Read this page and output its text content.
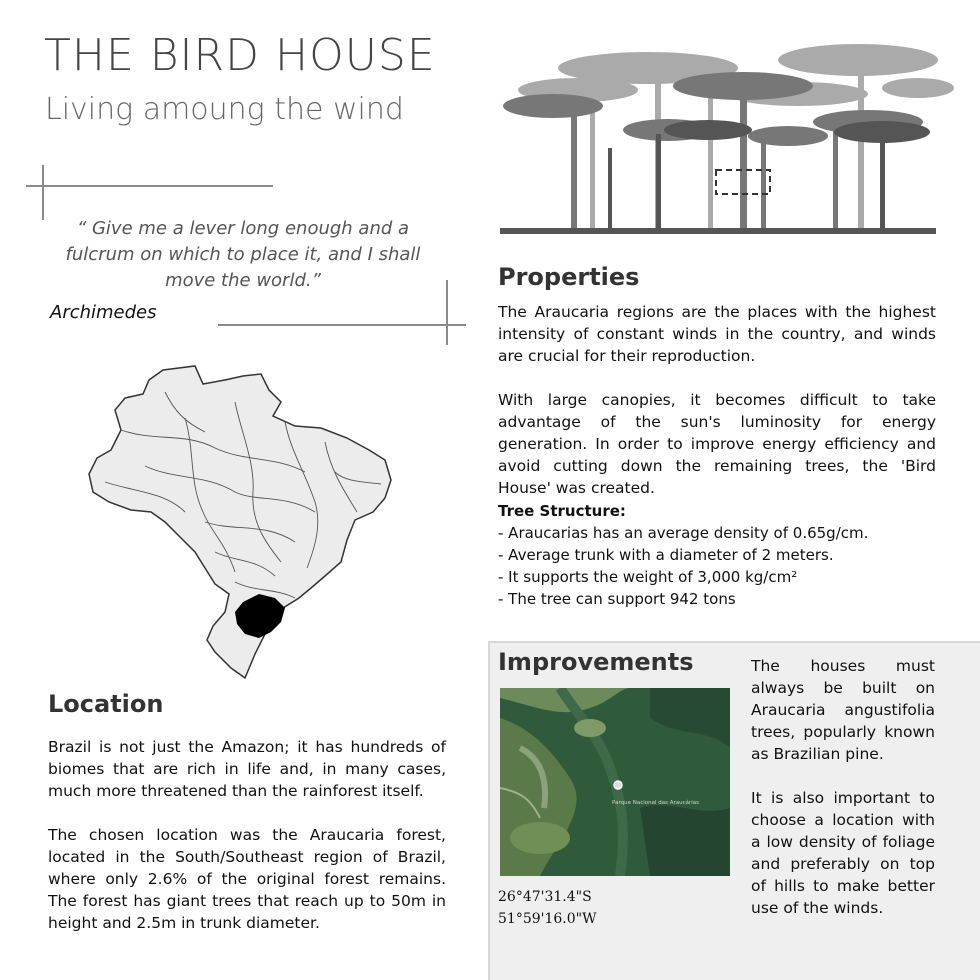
THE BIRD HOUSE
Living amoung the wind
“ Give me a lever long enough and a fulcrum on which to place it, and I shall move the world.”
Archimedes
Location

Brazil is not just the Amazon; it has hundreds of biomes that are rich in life and, in many cases, much more threatened than the rainforest itself.

The chosen location was the Araucaria forest, located in the South/Southeast region of Brazil, where only 2.6% of the original forest remains. The forest has giant trees that reach up to 50m in height and 2.5m in trunk diameter.

Properties

The Araucaria regions are the places with the highest intensity of constant winds in the country, and winds are crucial for their reproduction.

With large canopies, it becomes difficult to take advantage of the sun's luminosity for energy generation. In order to improve energy efficiency and avoid cutting down the remaining trees, the 'Bird House' was created.

Tree Structure:
- Araucarias has an average density of 0.65g/cm.
- Average trunk with a diameter of 2 meters.
- It supports the weight of 3,000 kg/cm²
- The tree can support 942 tons
Improvements
Parque Nacional das Araucárias
26°47'31.4"S
51°59'16.0"W

The houses must always be built on Araucaria angustifolia trees, popularly known as Brazilian pine.

It is also important to choose a location with a low density of foliage and preferably on top of hills to make better use of the winds.
